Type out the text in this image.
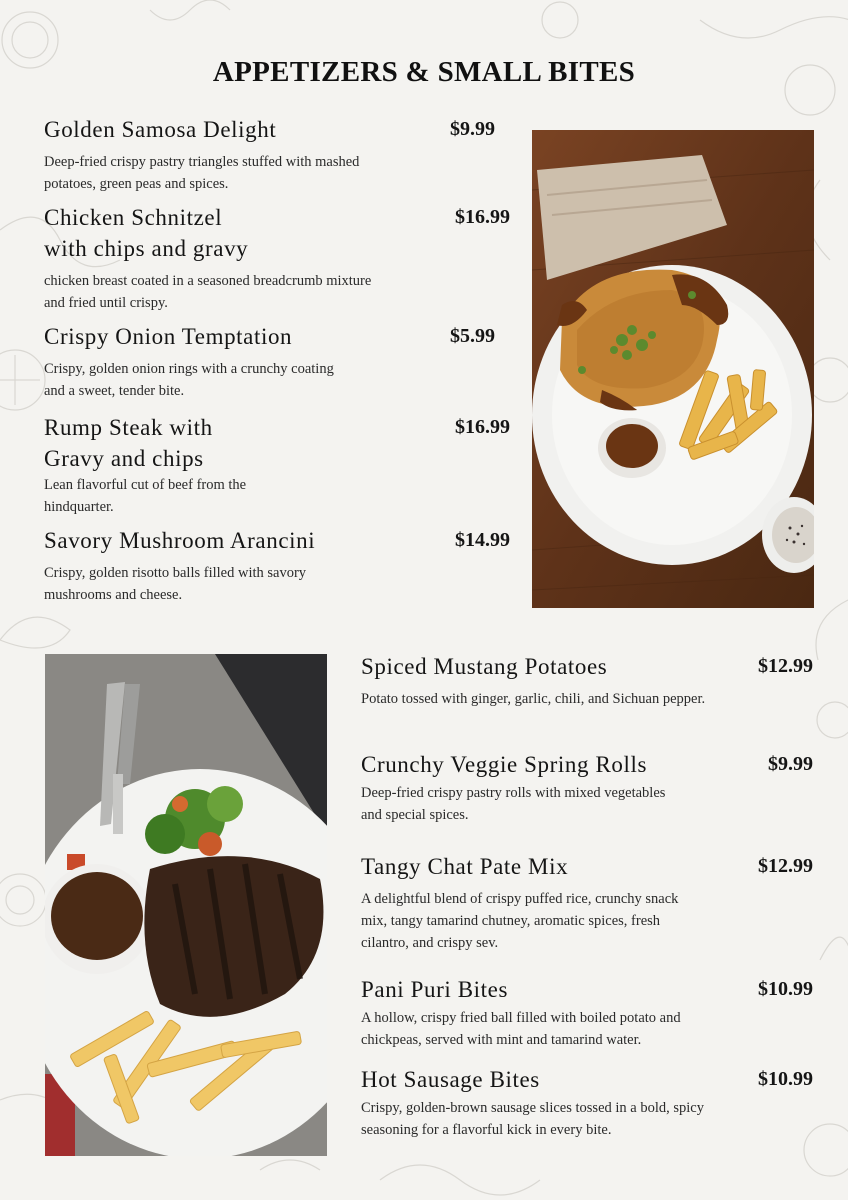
APPETIZERS & SMALL BITES
Golden Samosa Delight	$9.99
Deep-fried crispy pastry triangles stuffed with mashed potatoes, green peas and spices.
Chicken Schnitzel
with chips and gravy
$16.99
chicken breast coated in a seasoned breadcrumb mixture and fried until crispy.
Crispy Onion Temptation	$5.99
Crispy, golden onion rings with a crunchy coating and a sweet, tender bite.
Rump Steak with
Gravy and chips
$16.99
Lean flavorful cut of beef from the hindquarter.
Savory Mushroom Arancini	$14.99
Crispy, golden risotto balls filled with savory mushrooms and cheese.
Spiced Mustang Potatoes	$12.99
Potato tossed with ginger, garlic, chili, and Sichuan pepper.
Crunchy Veggie Spring Rolls	$9.99
Deep-fried crispy pastry rolls with mixed vegetables and special spices.
Tangy Chat Pate Mix	$12.99
A delightful blend of crispy puffed rice, crunchy snack mix, tangy tamarind chutney, aromatic spices, fresh cilantro, and crispy sev.
Pani Puri Bites	$10.99
A hollow, crispy fried ball filled with boiled potato and chickpeas, served with mint and tamarind water.
Hot Sausage Bites	$10.99
Crispy, golden-brown sausage slices tossed in a bold, spicy seasoning for a flavorful kick in every bite.
